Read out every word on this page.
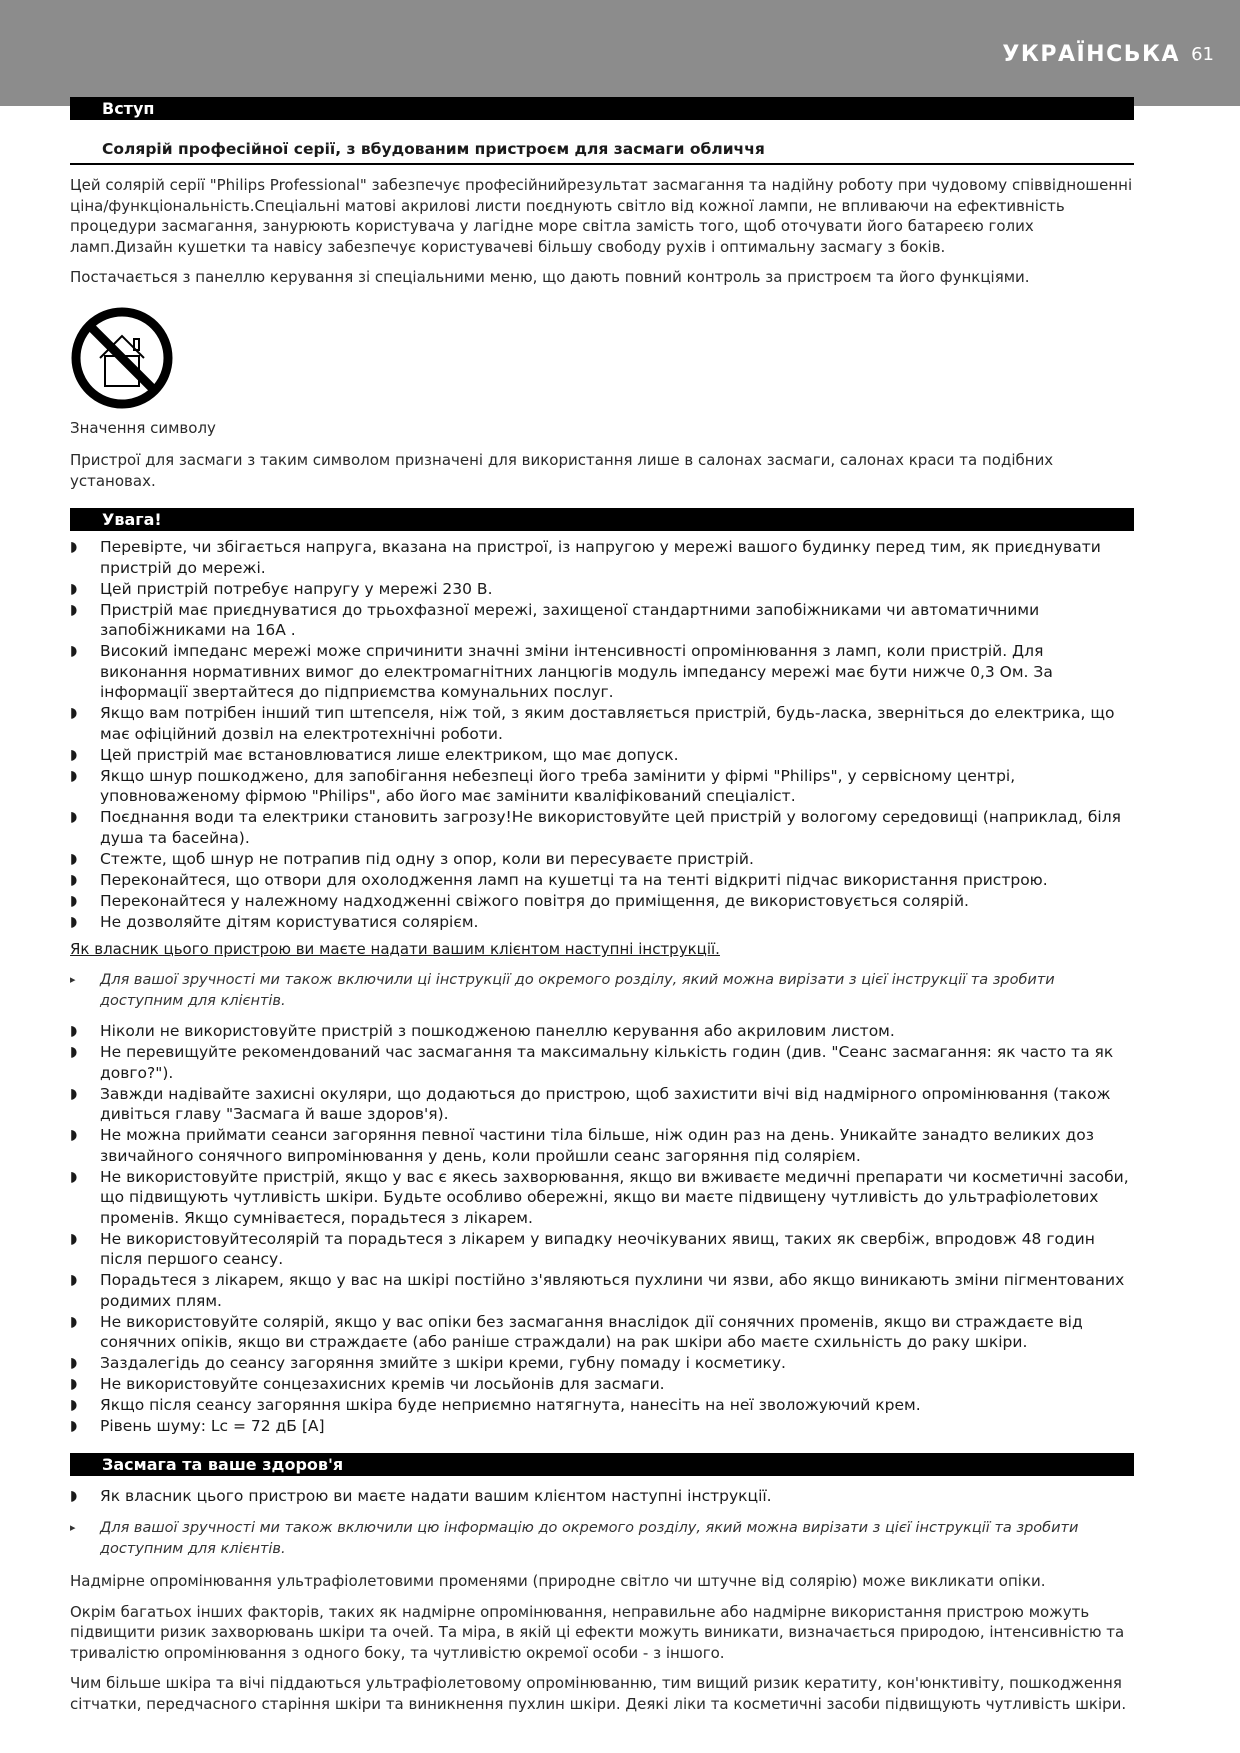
УКРАЇНСЬКА 61
Вступ
Солярій професійної серії, з вбудованим пристроєм для засмаги обличчя
Цей солярій серії "Philips Professional" забезпечує професійнийрезультат засмагання та надійну роботу при чудовому співвідношенні ціна/функціональність.Спеціальні матові акрилові листи поєднують світло від кожної лампи, не впливаючи на ефективність процедури засмагання, занурюють користувача у лагідне море світла замість того, щоб оточувати його батареєю голих ламп.Дизайн кушетки та навісу забезпечує користувачеві більшу свободу рухів і оптимальну засмагу з боків.
Постачається з панеллю керування зі спеціальними меню, що дають повний контроль за пристроєм та його функціями.
Значення символу
Пристрої для засмаги з таким символом призначені для використання лише в салонах засмаги, салонах краси та подібних установах.
Увага!
◗ Перевірте, чи збігається напруга, вказана на пристрої, із напругою у мережі вашого будинку перед тим, як приєднувати пристрій до мережі.
◗ Цей пристрій потребує напругу у мережі 230 В.
◗ Пристрій має приєднуватися до трьохфазної мережі, захищеної стандартними запобіжниками чи автоматичними запобіжниками на 16А .
◗ Високий імпеданс мережі може спричинити значні зміни інтенсивності опромінювання з ламп, коли пристрій. Для виконання нормативних вимог до електромагнітних ланцюгів модуль імпедансу мережі має бути нижче 0,3 Ом. За інформації звертайтеся до підприємства комунальних послуг.
◗ Якщо вам потрібен інший тип штепселя, ніж той, з яким доставляється пристрій, будь-ласка, зверніться до електрика, що має офіційний дозвіл на електротехнічні роботи.
◗ Цей пристрій має встановлюватися лише електриком, що має допуск.
◗ Якщо шнур пошкоджено, для запобігання небезпеці його треба замінити у фірмі "Philips", у сервісному центрі, уповноваженому фірмою "Philips", або його має замінити кваліфікований спеціаліст.
◗ Поєднання води та електрики становить загрозу!Не використовуйте цей пристрій у вологому середовищі (наприклад, біля душа та басейна).
◗ Стежте, щоб шнур не потрапив під одну з опор, коли ви пересуваєте пристрій.
◗ Переконайтеся, що отвори для охолодження ламп на кушетці та на тенті відкриті підчас використання пристрою.
◗ Переконайтеся у належному надходженні свіжого повітря до приміщення, де використовується солярій.
◗ Не дозволяйте дітям користуватися солярієм.
Як власник цього пристрою ви маєте надати вашим клієнтом наступні інструкції.
▸ Для вашої зручності ми також включили ці інструкції до окремого розділу, який можна вирізати з цієї інструкції та зробити доступним для клієнтів.
◗ Ніколи не використовуйте пристрій з пошкодженою панеллю керування або акриловим листом.
◗ Не перевищуйте рекомендований час засмагання та максимальну кількість годин (див. "Сеанс засмагання: як часто та як довго?").
◗ Завжди надівайте захисні окуляри, що додаються до пристрою, щоб захистити вічі від надмірного опромінювання (також дивіться главу "Засмага й ваше здоров'я).
◗ Не можна приймати сеанси загоряння певної частини тіла більше, ніж один раз на день. Уникайте занадто великих доз звичайного сонячного випромінювання у день, коли пройшли сеанс загоряння під солярієм.
◗ Не використовуйте пристрій, якщо у вас є якесь захворювання, якщо ви вживаєте медичні препарати чи косметичні засоби, що підвищують чутливість шкіри. Будьте особливо обережні, якщо ви маєте підвищену чутливість до ультрафіолетових променів. Якщо сумніваєтеся, порадьтеся з лікарем.
◗ Не використовуйтесолярій та порадьтеся з лікарем у випадку неочікуваних явищ, таких як свербіж, впродовж 48 годин після першого сеансу.
◗ Порадьтеся з лікарем, якщо у вас на шкірі постійно з'являються пухлини чи язви, або якщо виникають зміни пігментованих родимих плям.
◗ Не використовуйте солярій, якщо у вас опіки без засмагання внаслідок дії сонячних променів, якщо ви страждаєте від сонячних опіків, якщо ви страждаєте (або раніше страждали) на рак шкіри або маєте схильність до раку шкіри.
◗ Заздалегідь до сеансу загоряння змийте з шкіри креми, губну помаду і косметику.
◗ Не використовуйте сонцезахисних кремів чи лосьйонів для засмаги.
◗ Якщо після сеансу загоряння шкіра буде неприємно натягнута, нанесіть на неї зволожуючий крем.
◗ Рівень шуму: Lc = 72 дБ [A]
Засмага та ваше здоров'я
◗ Як власник цього пристрою ви маєте надати вашим клієнтом наступні інструкції.
▸ Для вашої зручності ми також включили цю інформацію до окремого розділу, який можна вирізати з цієї інструкції та зробити доступним для клієнтів.
Надмірне опромінювання ультрафіолетовими променями (природне світло чи штучне від солярію) може викликати опіки.
Окрім багатьох інших факторів, таких як надмірне опромінювання, неправильне або надмірне використання пристрою можуть підвищити ризик захворювань шкіри та очей. Та міра, в якій ці ефекти можуть виникати, визначається природою, інтенсивністю та тривалістю опромінювання з одного боку, та чутливістю окремої особи - з іншого.
Чим більше шкіра та вічі піддаються ультрафіолетовому опромінюванню, тим вищий ризик кератиту, кон'юнктивіту, пошкодження сітчатки, передчасного старіння шкіри та виникнення пухлин шкіри. Деякі ліки та косметичні засоби підвищують чутливість шкіри.
